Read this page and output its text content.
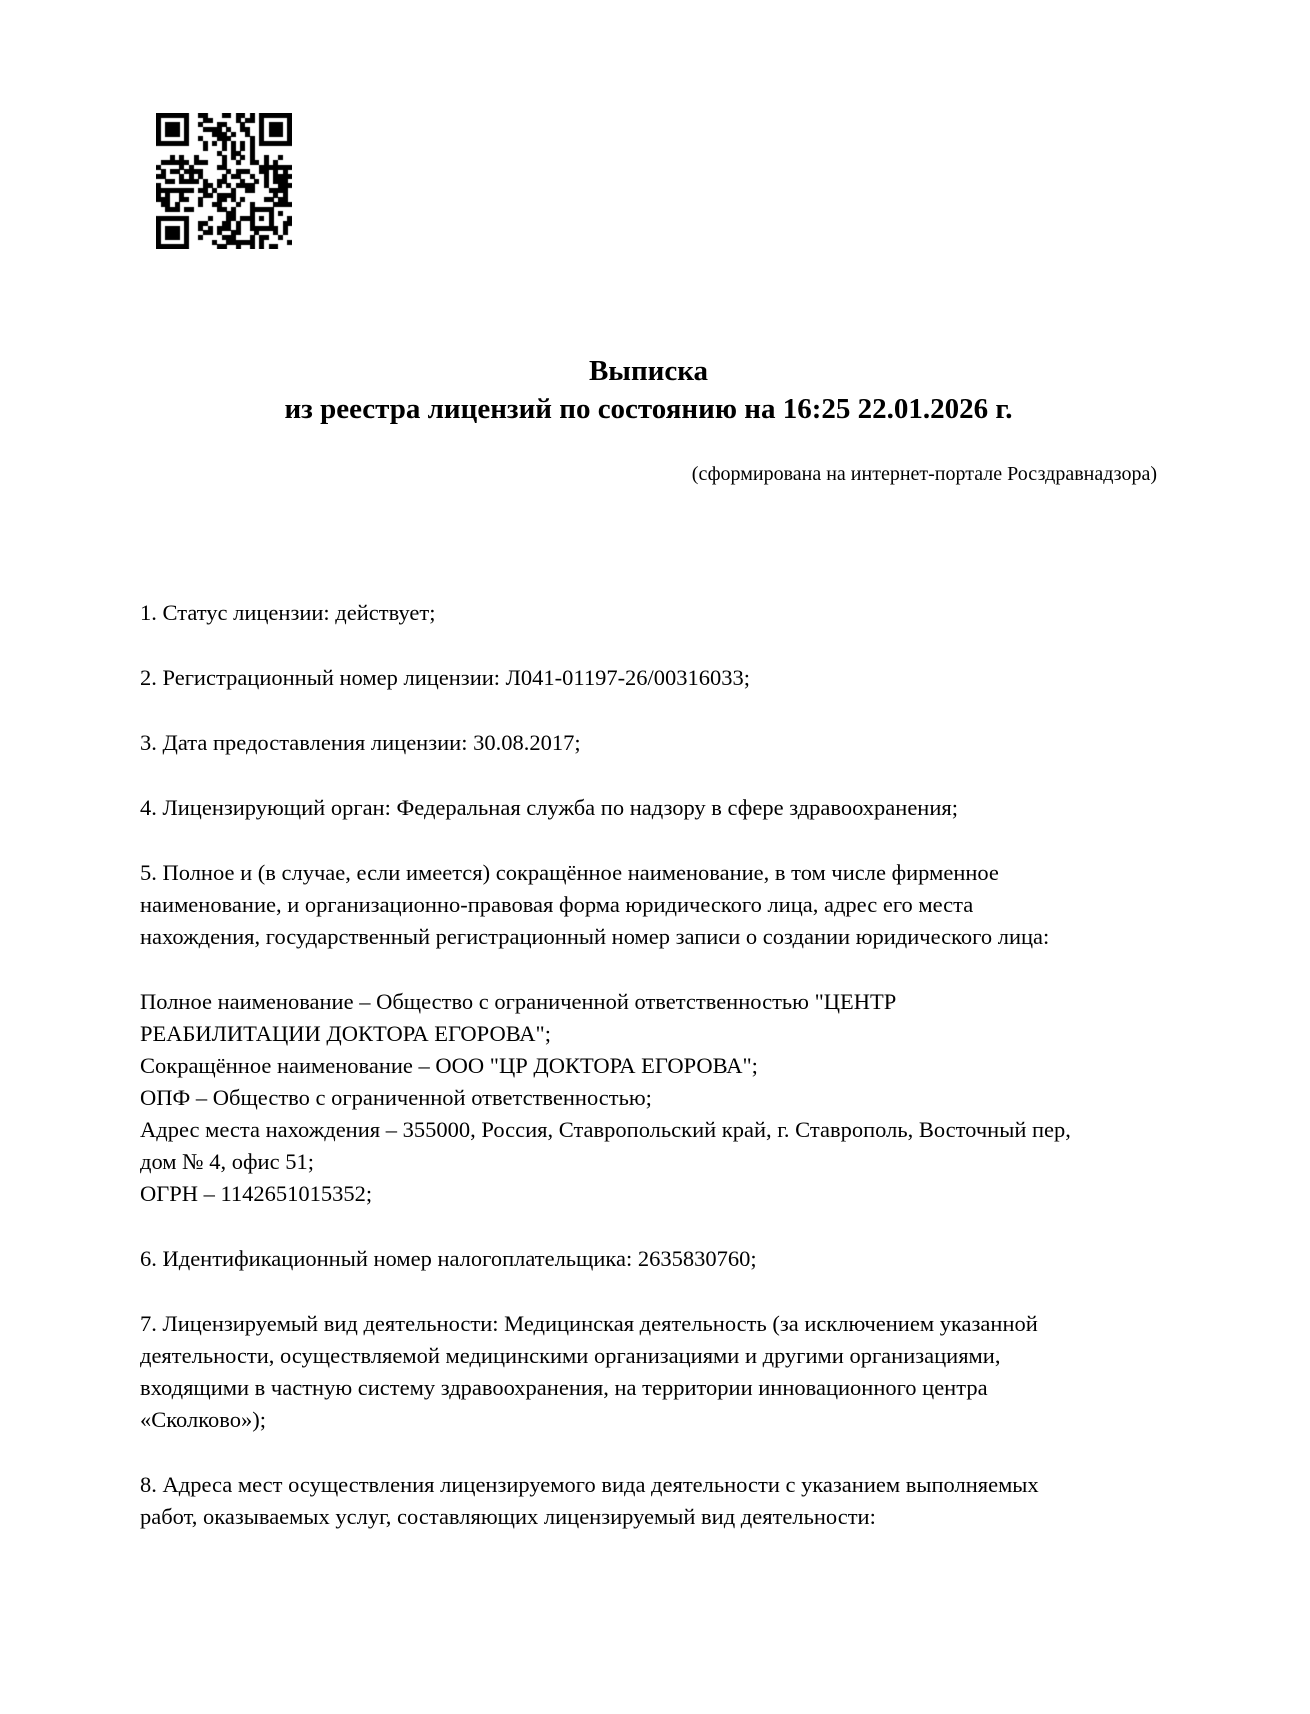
Выписка
из реестра лицензий по состоянию на 16:25 22.01.2026 г.
(сформирована на интернет-портале Росздравнадзора)

1. Статус лицензии: действует;

2. Регистрационный номер лицензии: Л041-01197-26/00316033;

3. Дата предоставления лицензии: 30.08.2017;

4. Лицензирующий орган: Федеральная служба по надзору в сфере здравоохранения;

5. Полное и (в случае, если имеется) сокращённое наименование, в том числе фирменное
наименование, и организационно-правовая форма юридического лица, адрес его места
нахождения, государственный регистрационный номер записи о создании юридического лица:

Полное наименование – Общество с ограниченной ответственностью "ЦЕНТР
РЕАБИЛИТАЦИИ ДОКТОРА ЕГОРОВА";

Сокращённое наименование – ООО "ЦР ДОКТОРА ЕГОРОВА";

ОПФ – Общество с ограниченной ответственностью;

Адрес места нахождения – 355000, Россия, Ставропольский край, г. Ставрополь, Восточный пер,
дом № 4, офис 51;

ОГРН – 1142651015352;

6. Идентификационный номер налогоплательщика: 2635830760;

7. Лицензируемый вид деятельности: Медицинская деятельность (за исключением указанной
деятельности, осуществляемой медицинскими организациями и другими организациями,
входящими в частную систему здравоохранения, на территории инновационного центра
«Сколково»);

8. Адреса мест осуществления лицензируемого вида деятельности с указанием выполняемых
работ, оказываемых услуг, составляющих лицензируемый вид деятельности:
